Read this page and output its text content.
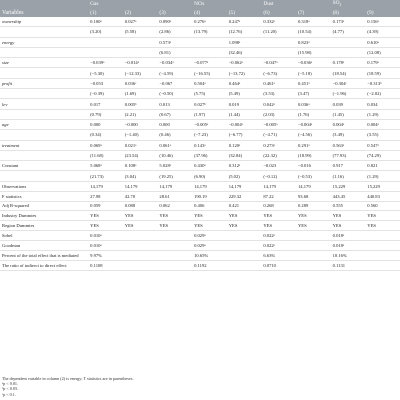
	Gas			NOx		Dust		$SO_2$	
Variables	(1)	(2)	(3)	(4)	(5)	(6)	(7)	(8)	(9)
ownership	0.100ᵃ	0.027ᵃ	0.090ᵃ	0.276ᵃ	0.247ᵃ	0.332ᵃ	0.318ᵃ	0.173ᵃ	0.156ᵃ
	(3.20)	(5.58)	(2.86)	(13.79)	(12.76)	(11.20)	(10.54)	(4.77)	(4.39)
energy			0.573ᵃ		1.098ᵃ		0.823ᵃ		0.610ᵃ
			(6.81)		(32.46)		(15.98)		(12.08)
size	−0.039ᵃ	−0.014ᵃ	−0.034ᵃ	−0.077ᵃ	−0.062ᵃ	−0.047ᵃ	−0.036ᵃ	0.178ᵃ	0.179ᵃ
	(−5.30)	(−12.33)	(−4.59)	(−16.55)	(−13.72)	(−6.73)	(−5.18)	(18.54)	(18.59)
profit	−0.053	0.036ᶜ	−0.067	0.504ᵃ	0.464ᵃ	0.461ᵃ	0.451ᵃ	−0.304ᶜ	−0.313ᵇ
	(−0.39)	(1.69)	(−0.50)	(5.75)	(5.49)	(3.53)	(3.47)	(−1.96)	(−2.02)
lev	0.017	0.005ᵇ	0.013	0.027ᵇ	0.019	0.042ᵃ	0.036ᵃ	0.039	0.034
	(0.79)	(2.21)	(0.67)	(1.97)	(1.44)	(2.03)	(1.76)	(1.45)	(1.29)
age	0.000	−0.000	0.000	−0.005ᵃ	−0.004ᵃ	−0.005ᵃ	−0.004ᵃ	0.004ᵃ	0.004ᵃ
	(0.34)	(−1.40)	(0.46)	(−7.23)	(−6.77)	(−4.71)	(−4.56)	(3.49)	(3.55)
treatment	0.069ᵃ	0.021ᵃ	0.061ᵃ	0.143ᵃ	0.120ᵃ	0.273ᵃ	0.291ᵃ	0.563ᵃ	0.547ᵃ
	(11.68)	(23.54)	(10.46)	(37.96)	(32.84)	(22.32)	(18.99)	(77.93)	(74.29)
Constant	5.068ᵃ	0.108ᵃ	5.028ᵃ	0.430ᵃ	0.312ᵃ	−0.023	−0.016	0.917	0.821
	(21.73)	(3.04)	(19.25)	(6.90)	(5.02)	(−0.12)	(−0.53)	(1.16)	(1.29)
Observations	14,179	14,179	14,179	14,179	14,179	14,179	14,179	15,229	15,229
F statistics	27.98	42.70	28.61	190.19	229.32	87.22	93.68	443.45	440.83
Adj R-squared	0.059	0.088	0.062	0.406	0.421	0.268	0.289	0.555	0.560
Industry Dummies	YES	YES	YES	YES	YES	YES	YES	YES	YES
Region Dummies	YES	YES	YES	YES	YES	YES	YES	YES	YES
Sobel	0.010ᵃ			0.029ᵃ		0.022ᵃ		0.018ᵃ	
Goodman	0.010ᵃ			0.029ᵃ		0.022ᵃ		0.018ᵃ	
Percent of the total effect that is mediated	9.97%			10.65%		6.63%		10.16%	
The ratio of indirect to direct effect	0.1108			0.1192		0.0710		0.1131	
The dependent variable in column (2) is energy; T statistics are in parentheses.
ᵃp < 0.01.
ᵇp < 0.05.
ᶜp < 0.1.
